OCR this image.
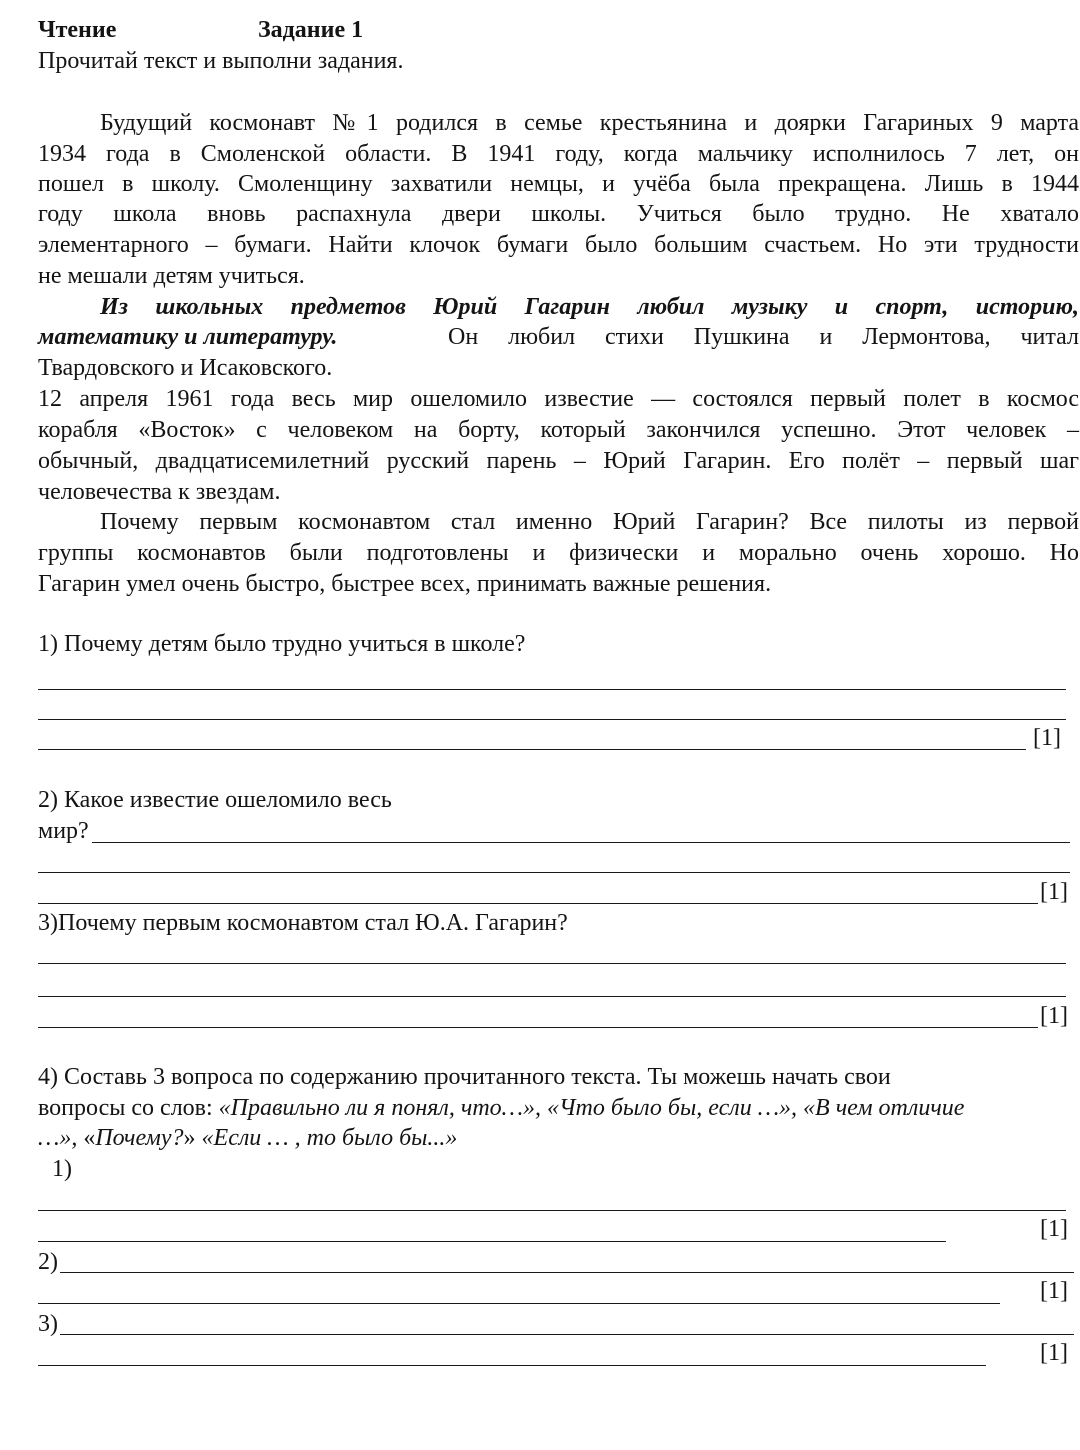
Чтение	Задание 1
Прочитай текст и выполни задания.
Будущий космонавт №1 родился в семье крестьянина и доярки Гагариных 9 марта
1934 года в Смоленской области. В 1941 году, когда мальчику исполнилось 7 лет, он
пошел в школу. Смоленщину захватили немцы, и учёба была прекращена. Лишь в 1944
году школа вновь распахнула двери школы. Учиться было трудно. Не хватало
элементарного – бумаги. Найти клочок бумаги было большим счастьем. Но эти трудности
не мешали детям учиться.
Из школьных предметов Юрий Гагарин любил музыку и спорт, историю,
математику и литературу.	Он любил стихи Пушкина и Лермонтова, читал
Твардовского и Исаковского.
12 апреля 1961 года весь мир ошеломило известие — состоялся первый полет в космос
корабля «Восток» с человеком на борту, который закончился успешно. Этот человек –
обычный, двадцатисемилетний русский парень – Юрий Гагарин. Его полёт – первый шаг
человечества к звездам.
Почему первым космонавтом стал именно Юрий Гагарин? Все пилоты из первой
группы космонавтов были подготовлены и физически и морально очень хорошо. Но
Гагарин умел очень быстро, быстрее всех, принимать важные решения.
1) Почему детям было трудно учиться в школе?
[1]
2) Какое известие ошеломило весь
мир?
[1]
3)Почему первым космонавтом стал Ю.А. Гагарин?
[1]
4) Составь 3 вопроса по содержанию прочитанного текста. Ты можешь начать свои
вопросы со слов: «Правильно ли я понял, что…», «Что было бы, если …», «В чем отличие
…», «Почему?» «Если … , то было бы...»
1)
[1]
2)
[1]
3)
[1]
